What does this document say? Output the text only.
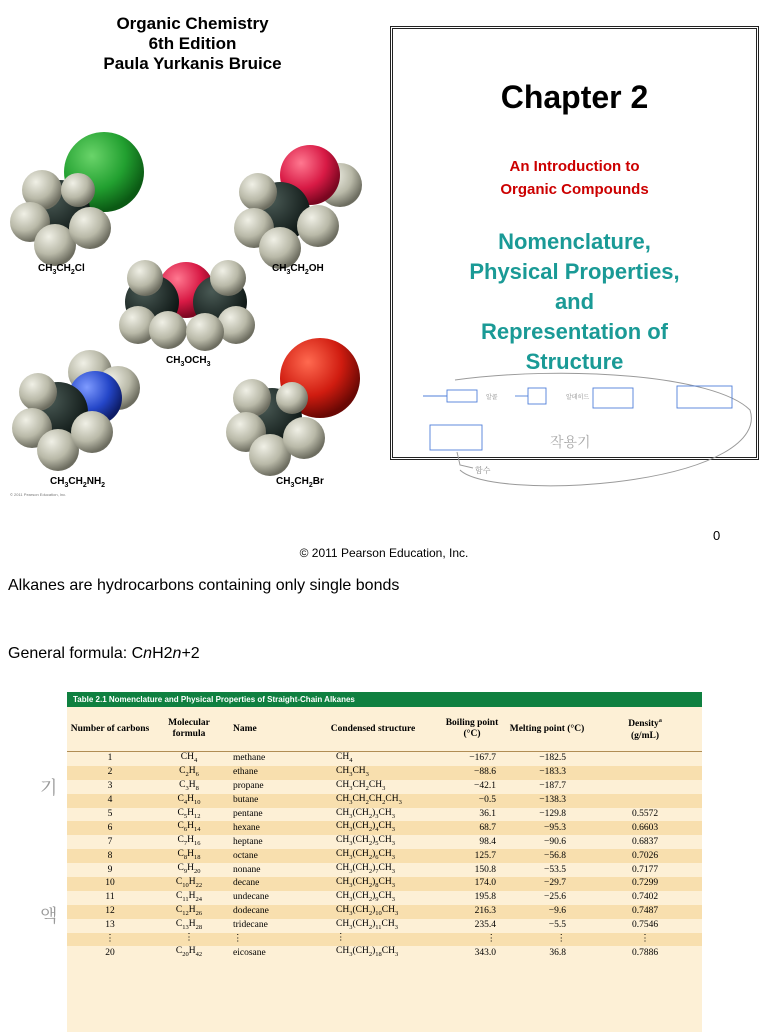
Organic Chemistry
6th Edition
Paula Yurkanis Bruice
$CH_3CH_2Cl$	$CH_3CH_2OH$
$CH_3OCH_3$
$CH_3CH_2NH_2$	$CH_3CH_2Br$
© 2011 Pearson Education, Inc.
Chapter 2
An Introduction to
Organic Compounds
Nomenclature,
Physical Properties,
and
Representation of
Structure
알콜	알데히드
작용기
함수
0
© 2011 Pearson Education, Inc.
Alkanes are hydrocarbons containing only single bonds
General formula: CnH2n+2
기
액
Table 2.1 Nomenclature and Physical Properties of Straight-Chain Alkanes
Number of carbons	Molecular formula	Name	Condensed structure	Boiling point (°C)	Melting point (°C)	Density$^a$
(g/mL)
1	$CH_4$	methane	$CH_4$	−167.7	−182.5	
2	$C_2H_6$	ethane	$CH_3CH_3$	−88.6	−183.3	
3	$C_3H_8$	propane	$CH_3CH_2CH_3$	−42.1	−187.7	
4	$C_4H_{10}$	butane	$CH_3CH_2CH_2CH_3$	−0.5	−138.3	
5	$C_5H_{12}$	pentane	$CH_3(CH_2)_3CH_3$	36.1	−129.8	0.5572
6	$C_6H_{14}$	hexane	$CH_3(CH_2)_4CH_3$	68.7	−95.3	0.6603
7	$C_7H_{16}$	heptane	$CH_3(CH_2)_5CH_3$	98.4	−90.6	0.6837
8	$C_8H_{18}$	octane	$CH_3(CH_2)_6CH_3$	125.7	−56.8	0.7026
9	$C_9H_{20}$	nonane	$CH_3(CH_2)_7CH_3$	150.8	−53.5	0.7177
10	$C_{10}H_{22}$	decane	$CH_3(CH_2)_8CH_3$	174.0	−29.7	0.7299
11	$C_{11}H_{24}$	undecane	$CH_3(CH_2)_9CH_3$	195.8	−25.6	0.7402
12	$C_{12}H_{26}$	dodecane	$CH_3(CH_2)_{10}CH_3$	216.3	−9.6	0.7487
13	$C_{13}H_{28}$	tridecane	$CH_3(CH_2)_{11}CH_3$	235.4	−5.5	0.7546
⋮	⋮	⋮	⋮	⋮	⋮	⋮
20	$C_{20}H_{42}$	eicosane	$CH_3(CH_2)_{18}CH_3$	343.0	36.8	0.7886
